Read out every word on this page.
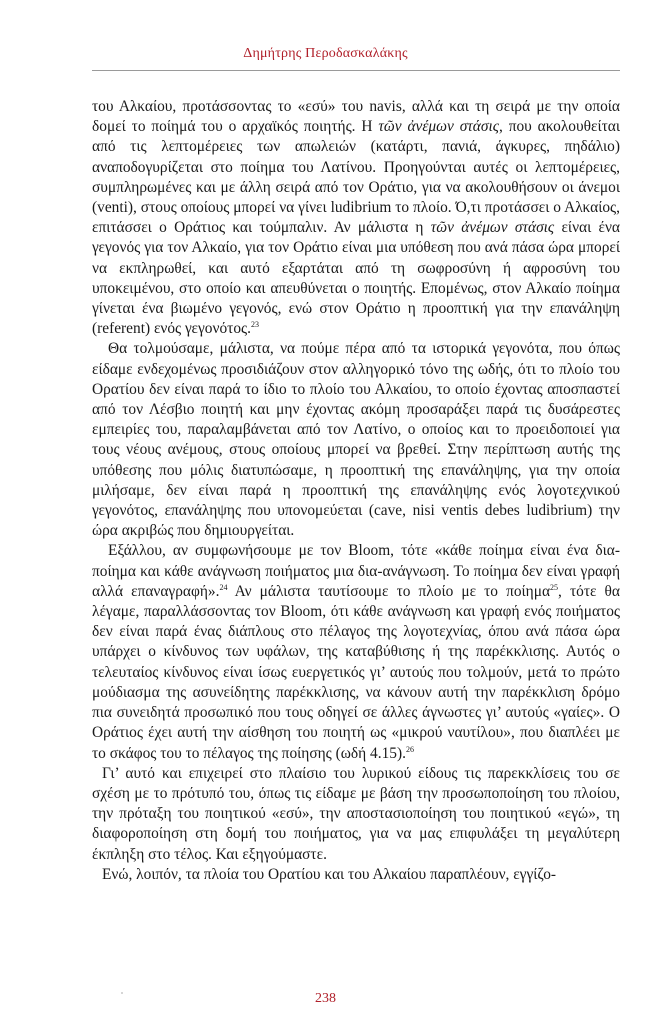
Δημήτρης Περοδασκαλάκης

του Αλκαίου, προτάσσοντας το «εσύ» του navis, αλλά και τη σειρά με την οποία δομεί το ποίημά του ο αρχαϊκός ποιητής. Η τῶν ἀνέμων στάσις, που ακολουθείται από τις λεπτομέρειες των απωλειών (κατάρτι, πανιά, άγκυρες, πηδάλιο) αναποδογυρίζεται στο ποίημα του Λατίνου. Προηγούνται αυτές οι λεπτομέρειες, συμπληρωμένες και με άλλη σειρά από τον Οράτιο, για να ακολουθήσουν οι άνεμοι (venti), στους οποίους μπορεί να γίνει ludibrium το πλοίο. Ό,τι προτάσσει ο Αλκαίος, επιτάσσει ο Οράτιος και τούμπαλιν. Αν μάλιστα η τῶν ἀνέμων στάσις είναι ένα γεγονός για τον Αλκαίο, για τον Οράτιο είναι μια υπόθεση που ανά πάσα ώρα μπορεί να εκπληρωθεί, και αυτό εξαρτάται από τη σωφροσύνη ή αφροσύνη του υποκειμένου, στο οποίο και απευθύνεται ο ποιητής. Επομένως, στον Αλκαίο ποίημα γίνεται ένα βιωμένο γεγονός, ενώ στον Οράτιο η προοπτική για την επανάληψη (referent) ενός γεγονότος.$^{23}$

Θα τολμούσαμε, μάλιστα, να πούμε πέρα από τα ιστορικά γεγονότα, που όπως είδαμε ενδεχομένως προσιδιάζουν στον αλληγορικό τόνο της ωδής, ότι το πλοίο του Ορατίου δεν είναι παρά το ίδιο το πλοίο του Αλκαίου, το οποίο έχοντας αποσπαστεί από τον Λέσβιο ποιητή και μην έχοντας ακόμη προσαράξει παρά τις δυσάρεστες εμπειρίες του, παραλαμβάνεται από τον Λατίνο, ο οποίος και το προειδοποιεί για τους νέους ανέμους, στους οποίους μπορεί να βρεθεί. Στην περίπτωση αυτής της υπόθεσης που μόλις διατυπώσαμε, η προοπτική της επανάληψης, για την οποία μιλήσαμε, δεν είναι παρά η προοπτική της επανάληψης ενός λογοτεχνικού γεγονότος, επανάληψης που υπονομεύεται (cave, nisi ventis debes ludibrium) την ώρα ακριβώς που δημιουργείται.

Εξάλλου, αν συμφωνήσουμε με τον Bloom, τότε «κάθε ποίημα είναι ένα δια-ποίημα και κάθε ανάγνωση ποιήματος μια δια-ανάγνωση. Το ποίημα δεν είναι γραφή αλλά επαναγραφή».$^{24}$ Αν μάλιστα ταυτίσουμε το πλοίο με το ποίημα$^{25}$, τότε θα λέγαμε, παραλλάσσοντας τον Bloom, ότι κάθε ανάγνωση και γραφή ενός ποιήματος δεν είναι παρά ένας διάπλους στο πέλαγος της λογοτεχνίας, όπου ανά πάσα ώρα υπάρχει ο κίνδυνος των υφάλων, της καταβύθισης ή της παρέκκλισης. Αυτός ο τελευταίος κίνδυνος είναι ίσως ευεργετικός γι’ αυτούς που τολμούν, μετά το πρώτο μούδιασμα της ασυνείδητης παρέκκλισης, να κάνουν αυτή την παρέκκλιση δρόμο πια συνειδητά προσωπικό που τους οδηγεί σε άλλες άγνωστες γι’ αυτούς «γαίες». Ο Οράτιος έχει αυτή την αίσθηση του ποιητή ως «μικρού ναυτίλου», που διαπλέει με το σκάφος του το πέλαγος της ποίησης (ωδή 4.15).$^{26}$

Γι’ αυτό και επιχειρεί στο πλαίσιο του λυρικού είδους τις παρεκκλίσεις του σε σχέση με το πρότυπό του, όπως τις είδαμε με βάση την προσωποποίηση του πλοίου, την πρόταξη του ποιητικού «εσύ», την αποστασιοποίηση του ποιητικού «εγώ», τη διαφοροποίηση στη δομή του ποιήματος, για να μας επιφυλάξει τη μεγαλύτερη έκπληξη στο τέλος. Και εξηγούμαστε.

Ενώ, λοιπόν, τα πλοία του Ορατίου και του Αλκαίου παραπλέουν, εγγίζο-

238
